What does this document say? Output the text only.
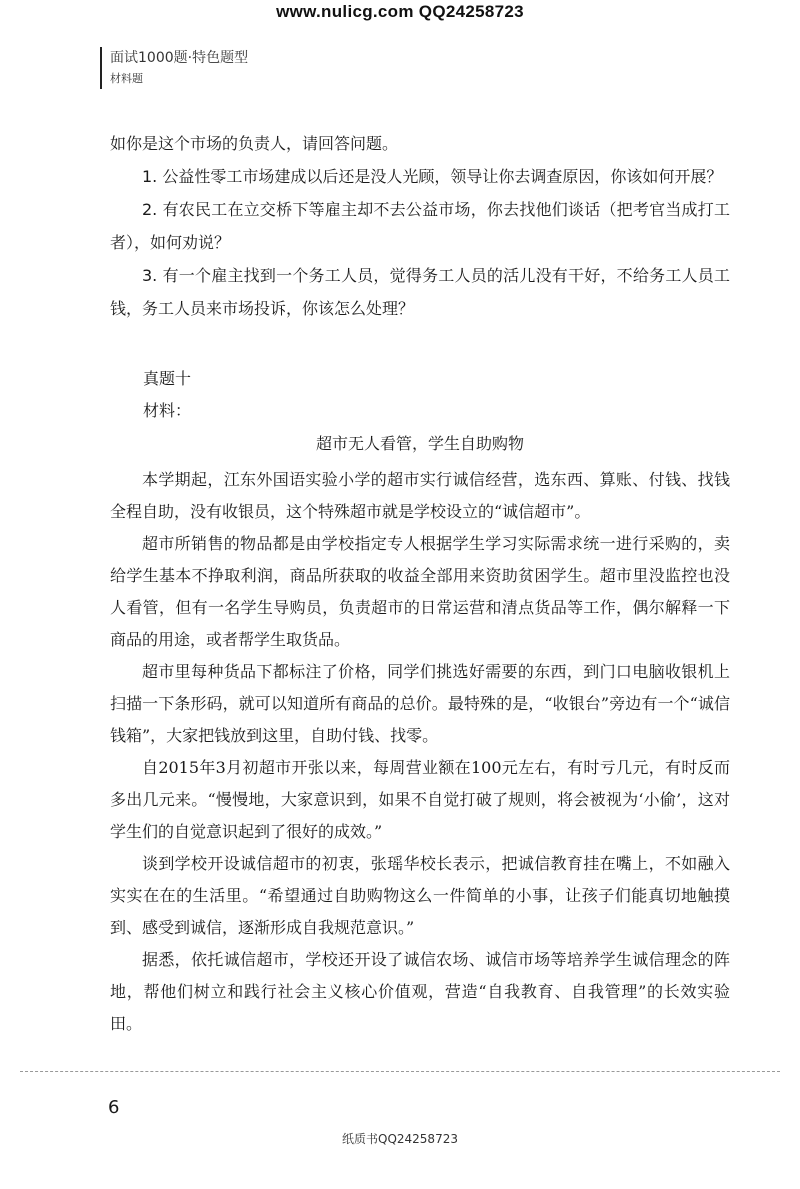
www.nulicg.com QQ24258723
面试1000题·特色题型
材料题

如你是这个市场的负责人，请回答问题。

1. 公益性零工市场建成以后还是没人光顾，领导让你去调查原因，你该如何开展？
2. 有农民工在立交桥下等雇主却不去公益市场，你去找他们谈话（把考官当成打工者），如何劝说？
3. 有一个雇主找到一个务工人员，觉得务工人员的活儿没有干好，不给务工人员工钱，务工人员来市场投诉，你该怎么处理？
真题十
材料：
超市无人看管，学生自助购物

本学期起，江东外国语实验小学的超市实行诚信经营，选东西、算账、付钱、找钱全程自助，没有收银员，这个特殊超市就是学校设立的“诚信超市”。

超市所销售的物品都是由学校指定专人根据学生学习实际需求统一进行采购的，卖给学生基本不挣取利润，商品所获取的收益全部用来资助贫困学生。超市里没监控也没人看管，但有一名学生导购员，负责超市的日常运营和清点货品等工作，偶尔解释一下商品的用途，或者帮学生取货品。

超市里每种货品下都标注了价格，同学们挑选好需要的东西，到门口电脑收银机上扫描一下条形码，就可以知道所有商品的总价。最特殊的是，“收银台”旁边有一个“诚信钱箱”，大家把钱放到这里，自助付钱、找零。

自2015年3月初超市开张以来，每周营业额在100元左右，有时亏几元，有时反而多出几元来。“慢慢地，大家意识到，如果不自觉打破了规则，将会被视为‘小偷’，这对学生们的自觉意识起到了很好的成效。”

谈到学校开设诚信超市的初衷，张瑶华校长表示，把诚信教育挂在嘴上，不如融入实实在在的生活里。“希望通过自助购物这么一件简单的小事，让孩子们能真切地触摸到、感受到诚信，逐渐形成自我规范意识。”

据悉，依托诚信超市，学校还开设了诚信农场、诚信市场等培养学生诚信理念的阵地，帮他们树立和践行社会主义核心价值观，营造“自我教育、自我管理”的长效实验田。

6
纸质书QQ24258723
